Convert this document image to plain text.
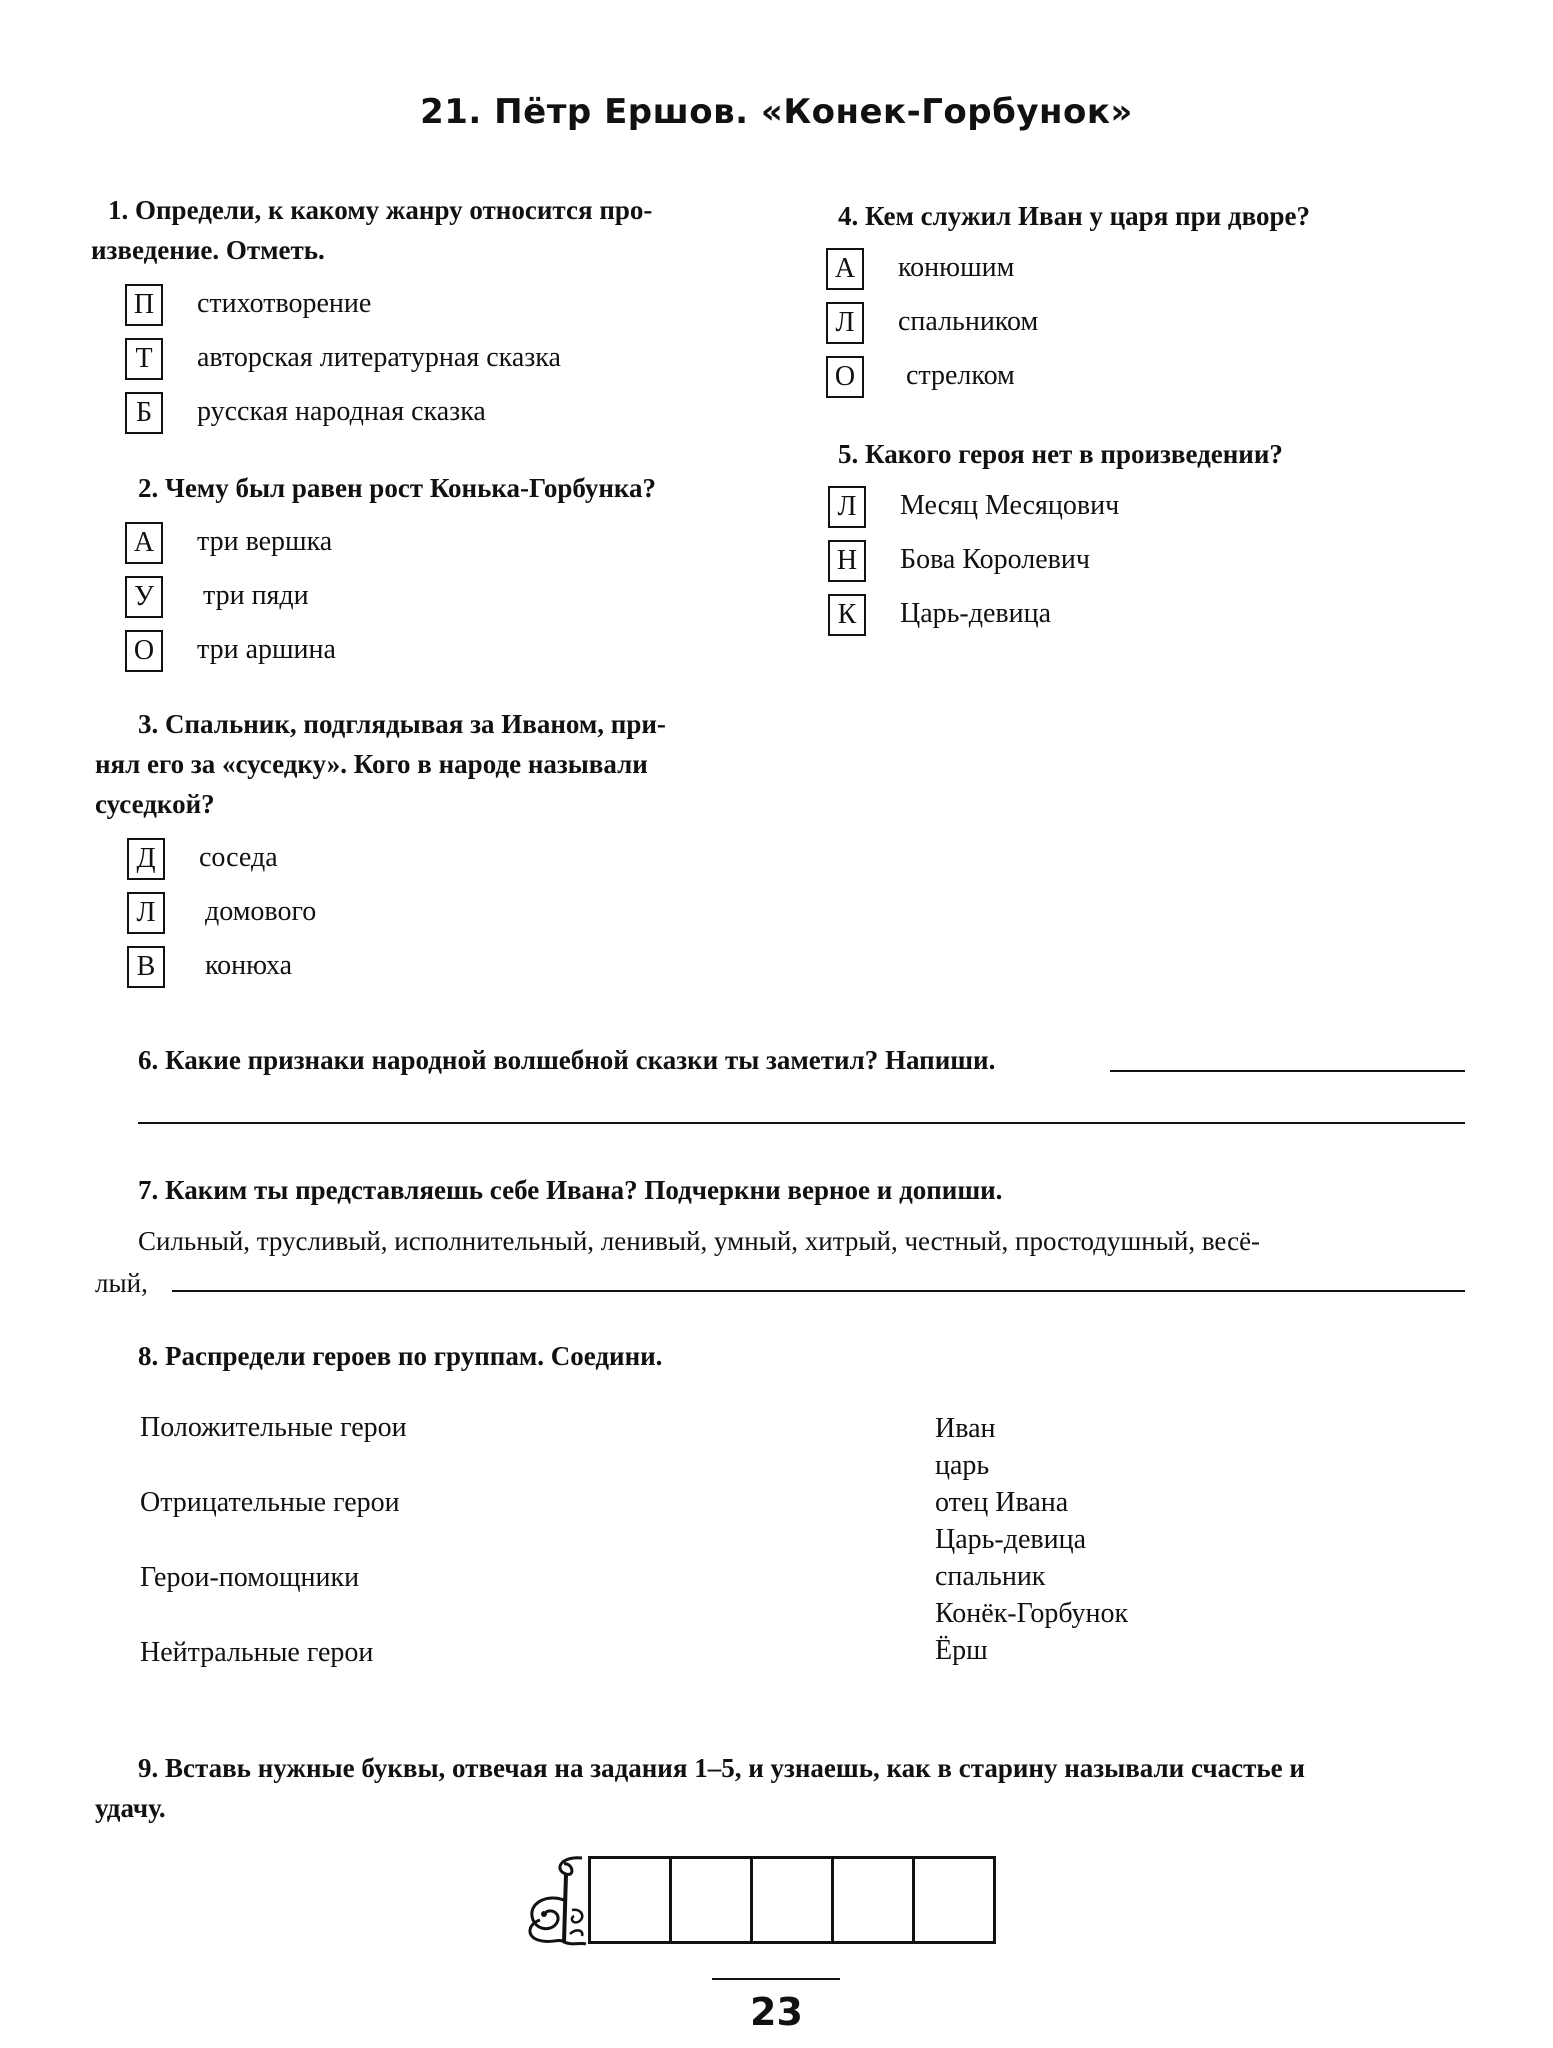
21. Пётр Ершов. «Конек-Горбунок»
1. Определи, к какому жанру относится про-
изведение. Отметь.
П	стихотворение
Т	авторская литературная сказка
Б	русская народная сказка
2. Чему был равен рост Конька-Горбунка?
А	три вершка
У	три пяди
О	три аршина
3. Спальник, подглядывая за Иваном, при-
нял его за «суседку». Кого в народе называли
суседкой?
Д	соседа
Л	домового
В	конюха
4. Кем служил Иван у царя при дворе?
А	конюшим
Л	спальником
О	стрелком
5. Какого героя нет в произведении?
Л	Месяц Месяцович
Н	Бова Королевич
К	Царь-девица
6. Какие признаки народной волшебной сказки ты заметил? Напиши.
7. Каким ты представляешь себе Ивана? Подчеркни верное и допиши.
Сильный, трусливый, исполнительный, ленивый, умный, хитрый, честный, простодушный, весё-
лый,
8. Распредели героев по группам. Соедини.
Положительные герои
Отрицательные герои
Герои-помощники
Нейтральные герои
Иван
царь
отец Ивана
Царь-девица
спальник
Конёк-Горбунок
Ёрш
9. Вставь нужные буквы, отвечая на задания 1–5, и узнаешь, как в старину называли счастье и
удачу.
23
